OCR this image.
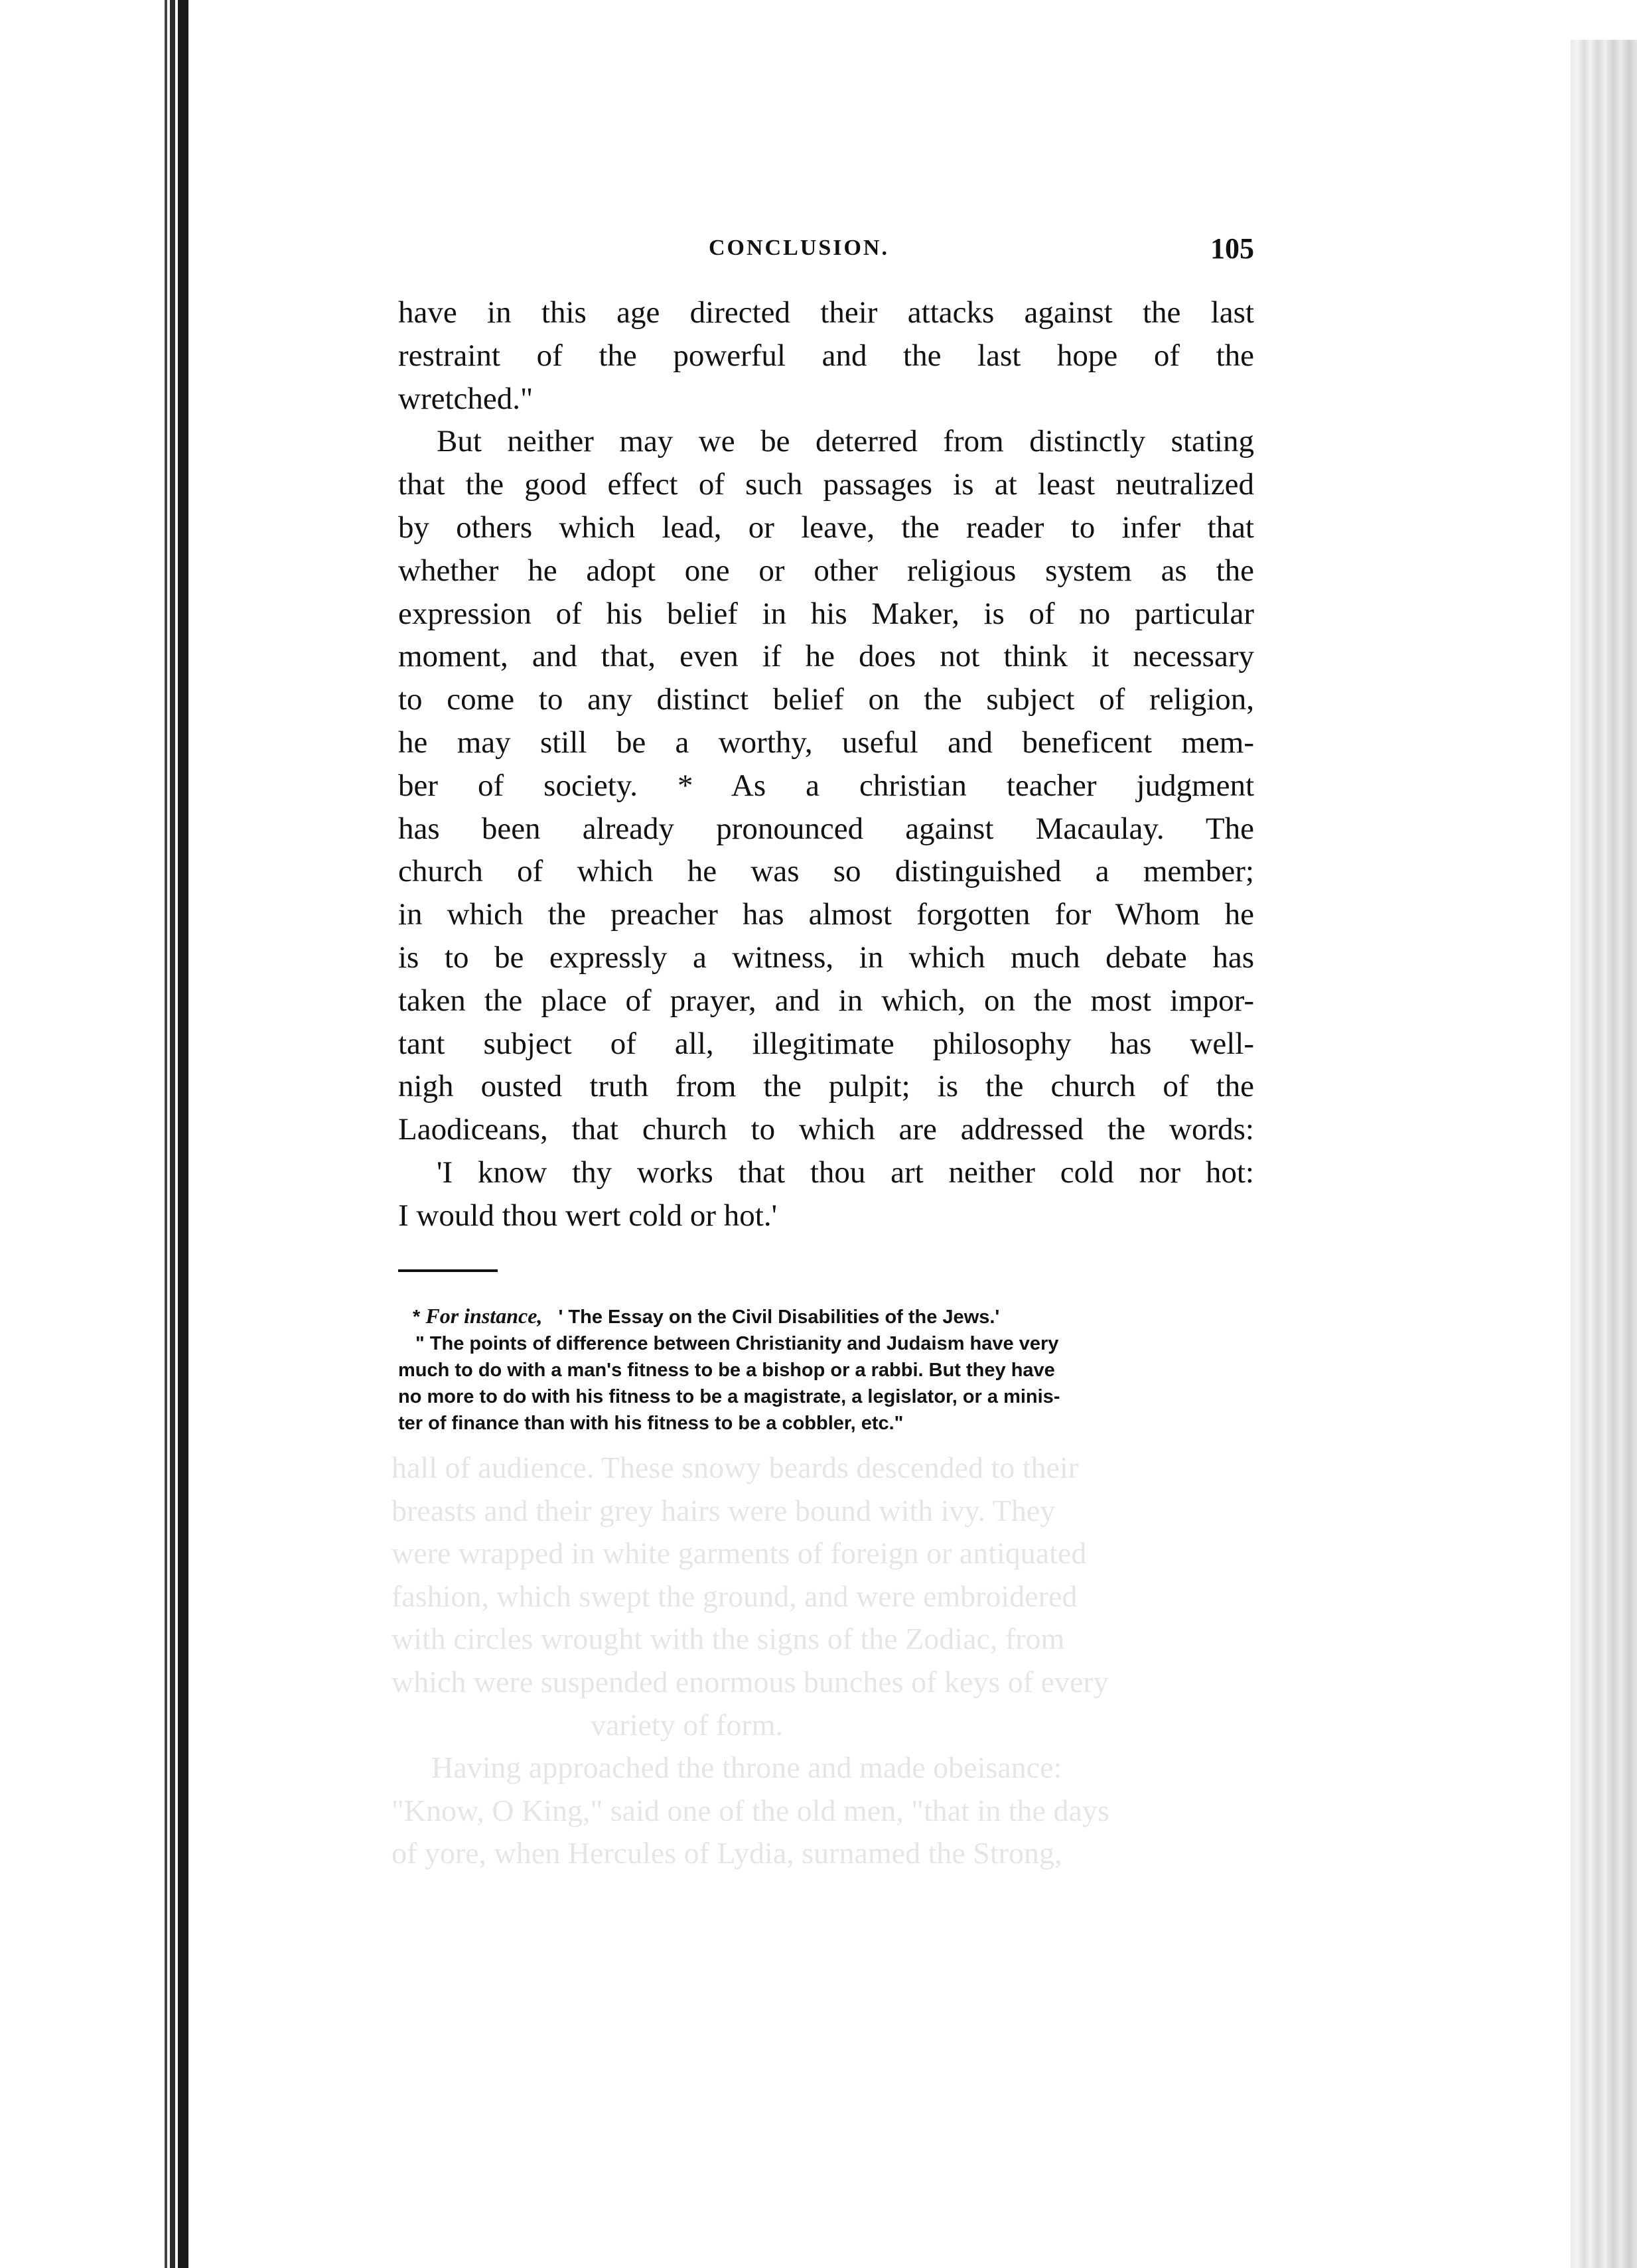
hall of audience. These snowy beards descended to their
breasts and their grey hairs were bound with ivy. They
were wrapped in white garments of foreign or antiquated
fashion, which swept the ground, and were embroidered
with circles wrought with the signs of the Zodiac, from
which were suspended enormous bunches of keys of every
variety of form.
Having approached the throne and made obeisance:
"Know, O King," said one of the old men, "that in the days
of yore, when Hercules of Lydia, surnamed the Strong,
CONCLUSION.	105
have in this age directed their attacks against the last
restraint of the powerful and the last hope of the
wretched."
But neither may we be deterred from distinctly stating
that the good effect of such passages is at least neutralized
by others which lead, or leave, the reader to infer that
whether he adopt one or other religious system as the
expression of his belief in his Maker, is of no particular
moment, and that, even if he does not think it necessary
to come to any distinct belief on the subject of religion,
he may still be a worthy, useful and beneficent mem-
ber of society. * As a christian teacher judgment
has been already pronounced against Macaulay. The
church of which he was so distinguished a member;
in which the preacher has almost forgotten for Whom he
is to be expressly a witness, in which much debate has
taken the place of prayer, and in which, on the most impor-
tant subject of all, illegitimate philosophy has well-
nigh ousted truth from the pulpit; is the church of the
Laodiceans, that church to which are addressed the words:
'I know thy works that thou art neither cold nor hot:
I would thou wert cold or hot.'
* For instance, ' The Essay on the Civil Disabilities of the Jews.'
" The points of difference between Christianity and Judaism have very
much to do with a man's fitness to be a bishop or a rabbi. But they have
no more to do with his fitness to be a magistrate, a legislator, or a minis-
ter of finance than with his fitness to be a cobbler, etc."
